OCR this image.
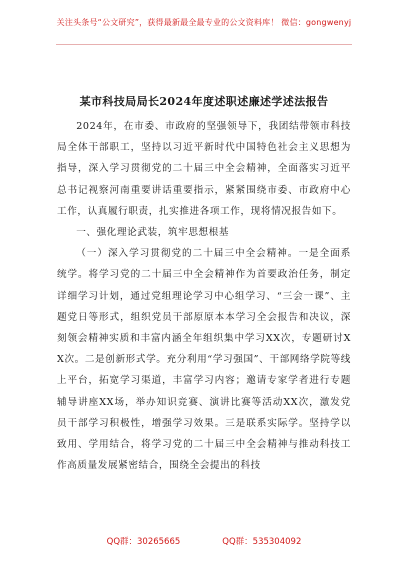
关注头条号“公文研究”，获得最新最全最专业的公文资料库！ 微信：gongwenyj
某市科技局局长2024年度述职述廉述学述法报告

2024年，在市委、市政府的坚强领导下，我团结带领市科技局全体干部职工，坚持以习近平新时代中国特色社会主义思想为指导，深入学习贯彻党的二十届三中全会精神，全面落实习近平总书记视察河南重要讲话重要指示，紧紧围绕市委、市政府中心工作，认真履行职责，扎实推进各项工作，现将情况报告如下。

一、强化理论武装，筑牢思想根基

（一）深入学习贯彻党的二十届三中全会精神。一是全面系统学。将学习党的二十届三中全会精神作为首要政治任务，制定详细学习计划，通过党组理论学习中心组学习、“三会一课”、主题党日等形式，组织党员干部原原本本学习全会报告和决议，深刻领会精神实质和丰富内涵全年组织集中学习XX次，专题研讨XX次。二是创新形式学。充分利用“学习强国”、干部网络学院等线上平台，拓宽学习渠道，丰富学习内容；邀请专家学者进行专题辅导讲座XX场，举办知识竞赛、演讲比赛等活动XX次，激发党员干部学习积极性，增强学习效果。三是联系实际学。坚持学以致用、学用结合，将学习党的二十届三中全会精神与推动科技工作高质量发展紧密结合，围绕全会提出的科技

QQ群：30265665	QQ群：535304092
